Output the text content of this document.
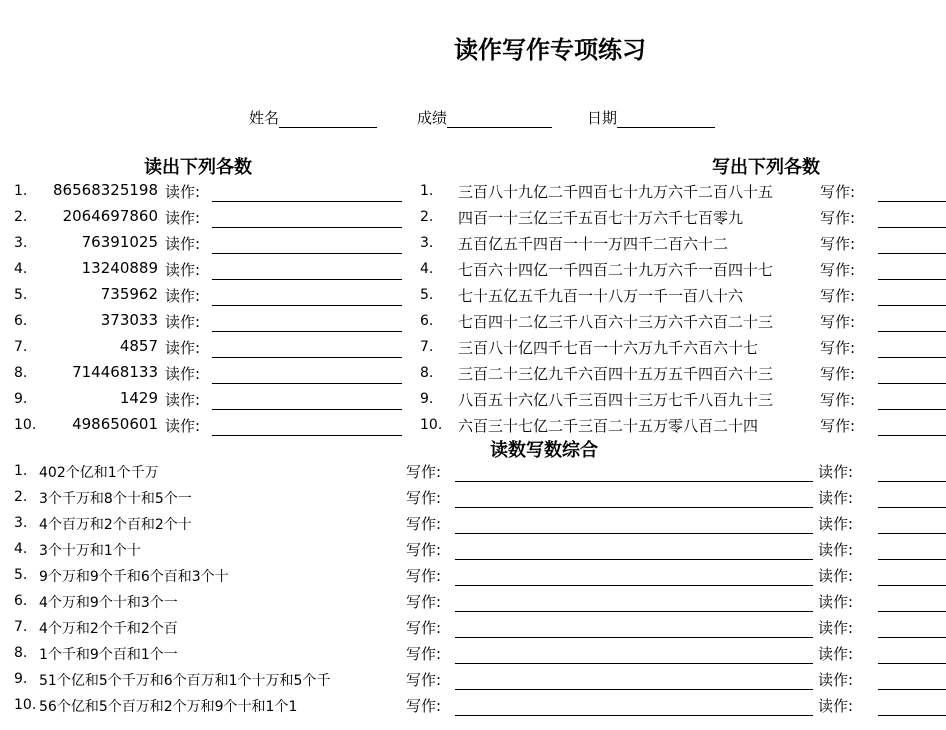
读作写作专项练习
姓名	成绩	日期
读出下列各数	写出下列各数
读数写数综合
1.	86568325198 读作:	1. 三百八十九亿二千四百七十九万六千二百八十五	写作:
2.	2064697860 读作:	2. 四百一十三亿三千五百七十万六千七百零九	写作:
3.	76391025 读作:	3. 五百亿五千四百一十一万四千二百六十二	写作:
4.	13240889 读作:	4. 七百六十四亿一千四百二十九万六千一百四十七	写作:
5.	735962 读作:	5. 七十五亿五千九百一十八万一千一百八十六	写作:
6.	373033 读作:	6. 七百四十二亿三千八百六十三万六千六百二十三	写作:
7.	4857 读作:	7. 三百八十亿四千七百一十六万九千六百六十七	写作:
8.	714468133 读作:	8. 三百二十三亿九千六百四十五万五千四百六十三	写作:
9.	1429 读作:	9. 八百五十六亿八千三百四十三万七千八百九十三	写作:
10.	498650601 读作:	10. 六百三十七亿二千三百二十五万零八百二十四	写作:
1. 402个亿和1个千万	写作:	读作:
2. 3个千万和8个十和5个一	写作:	读作:
3. 4个百万和2个百和2个十	写作:	读作:
4. 3个十万和1个十	写作:	读作:
5. 9个万和9个千和6个百和3个十	写作:	读作:
6. 4个万和9个十和3个一	写作:	读作:
7. 4个万和2个千和2个百	写作:	读作:
8. 1个千和9个百和1个一	写作:	读作:
9. 51个亿和5个千万和6个百万和1个十万和5个千	写作:	读作:
10. 56个亿和5个百万和2个万和9个十和1个1	写作:	读作:
